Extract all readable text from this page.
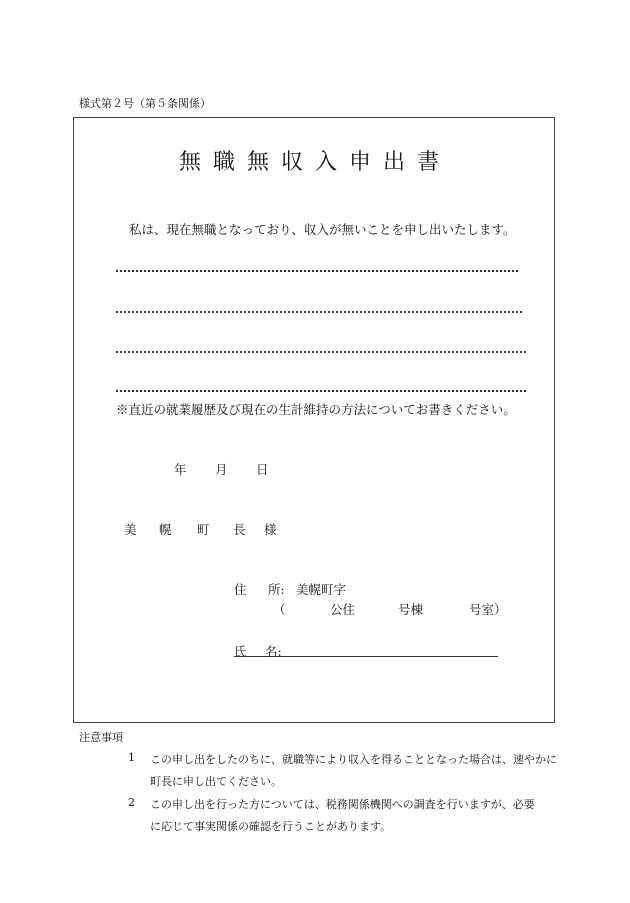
様式第２号（第５条関係）
無職無収入申出書
私は、現在無職となっており、収入が無いことを申し出いたします。
※直近の就業履歴及び現在の生計維持の方法についてお書きください。
年 月 日
美 幌 町 長 様
住 所: 美幌町字
（	公住	号棟	号室）
氏 名:
注意事項
1 この申し出をしたのちに、就職等により収入を得ることとなった場合は、速やかに
町長に申し出てください。
2 この申し出を行った方については、税務関係機関への調査を行いますが、必要
に応じて事実関係の確認を行うことがあります。
